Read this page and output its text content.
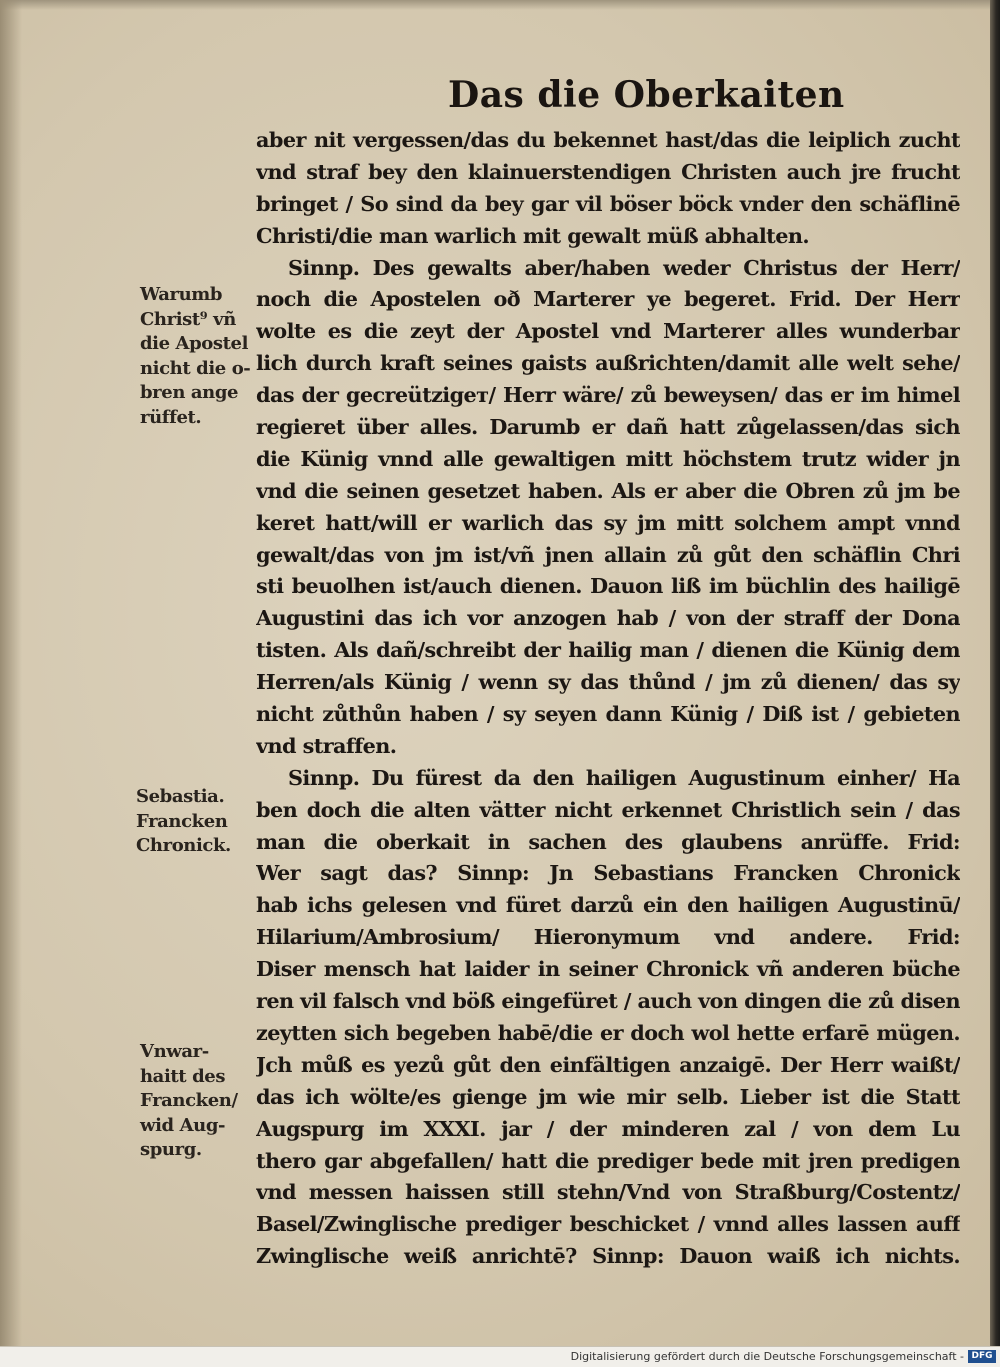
Das die Oberkaiten
aber nit vergessen/das du bekennet hast/das die leiplich zucht
vnd straf bey den klainuerstendigen Christen auch jre frucht
bringet / So sind da bey gar vil böser böck vnder den schäflinē
Christi/die man warlich mit gewalt müß abhalten.
Sinnp. Des gewalts aber/haben weder Christus der Herr/
noch die Apostelen oð Marterer ye begeret. Frid. Der Herr
wolte es die zeyt der Apostel vnd Marterer alles wunderbar
lich durch kraft seines gaists außrichten/damit alle welt sehe/
das der gecreützigeт/ Herr wäre/ zů beweysen/ das er im himel
regieret über alles. Darumb er dañ hatt zůgelassen/das sich
die Künig vnnd alle gewaltigen mitt höchstem trutz wider jn
vnd die seinen gesetzet haben. Als er aber die Obren zů jm be
keret hatt/will er warlich das sy jm mitt solchem ampt vnnd
gewalt/das von jm ist/vñ jnen allain zů gůt den schäflin Chri
sti beuolhen ist/auch dienen. Dauon liß im büchlin des hailigē
Augustini das ich vor anzogen hab / von der straff der Dona
tisten. Als dañ/schreibt der hailig man / dienen die Künig dem
Herren/als Künig / wenn sy das thůnd / jm zů dienen/ das sy
nicht zůthůn haben / sy seyen dann Künig / Diß ist / gebieten
vnd straffen.
Sinnp. Du fürest da den hailigen Augustinum einher/ Ha
ben doch die alten vätter nicht erkennet Christlich sein / das
man die oberkait in sachen des glaubens anrüffe. Frid:
Wer sagt das? Sinnp: Jn Sebastians Francken Chronick
hab ichs gelesen vnd füret darzů ein den hailigen Augustinū/
Hilarium/Ambrosium/ Hieronymum vnd andere. Frid:
Diser mensch hat laider in seiner Chronick vñ anderen büche
ren vil falsch vnd böß eingefüret / auch von dingen die zů disen
zeytten sich begeben habē/die er doch wol hette erfarē mügen.
Jch můß es yezů gůt den einfältigen anzaigē. Der Herr waißt/
das ich wölte/es gienge jm wie mir selb. Lieber ist die Statt
Augspurg im XXXI. jar / der minderen zal / von dem Lu
thero gar abgefallen/ hatt die prediger bede mit jren predigen
vnd messen haissen still stehn/Vnd von Straßburg/Costentz/
Basel/Zwinglische prediger beschicket / vnnd alles lassen auff
Zwinglische weiß anrichtē? Sinnp: Dauon waiß ich nichts.
Warumb
Christ⁹ vñ
die Apostel
nicht die o-
bren ange
rüffet.
Sebastia.
Francken
Chronick.
Vnwar-
haitt des
Francken/
wid Aug-
spurg.
Digitalisierung gefördert durch die Deutsche Forschungsgemeinschaft - DFG
